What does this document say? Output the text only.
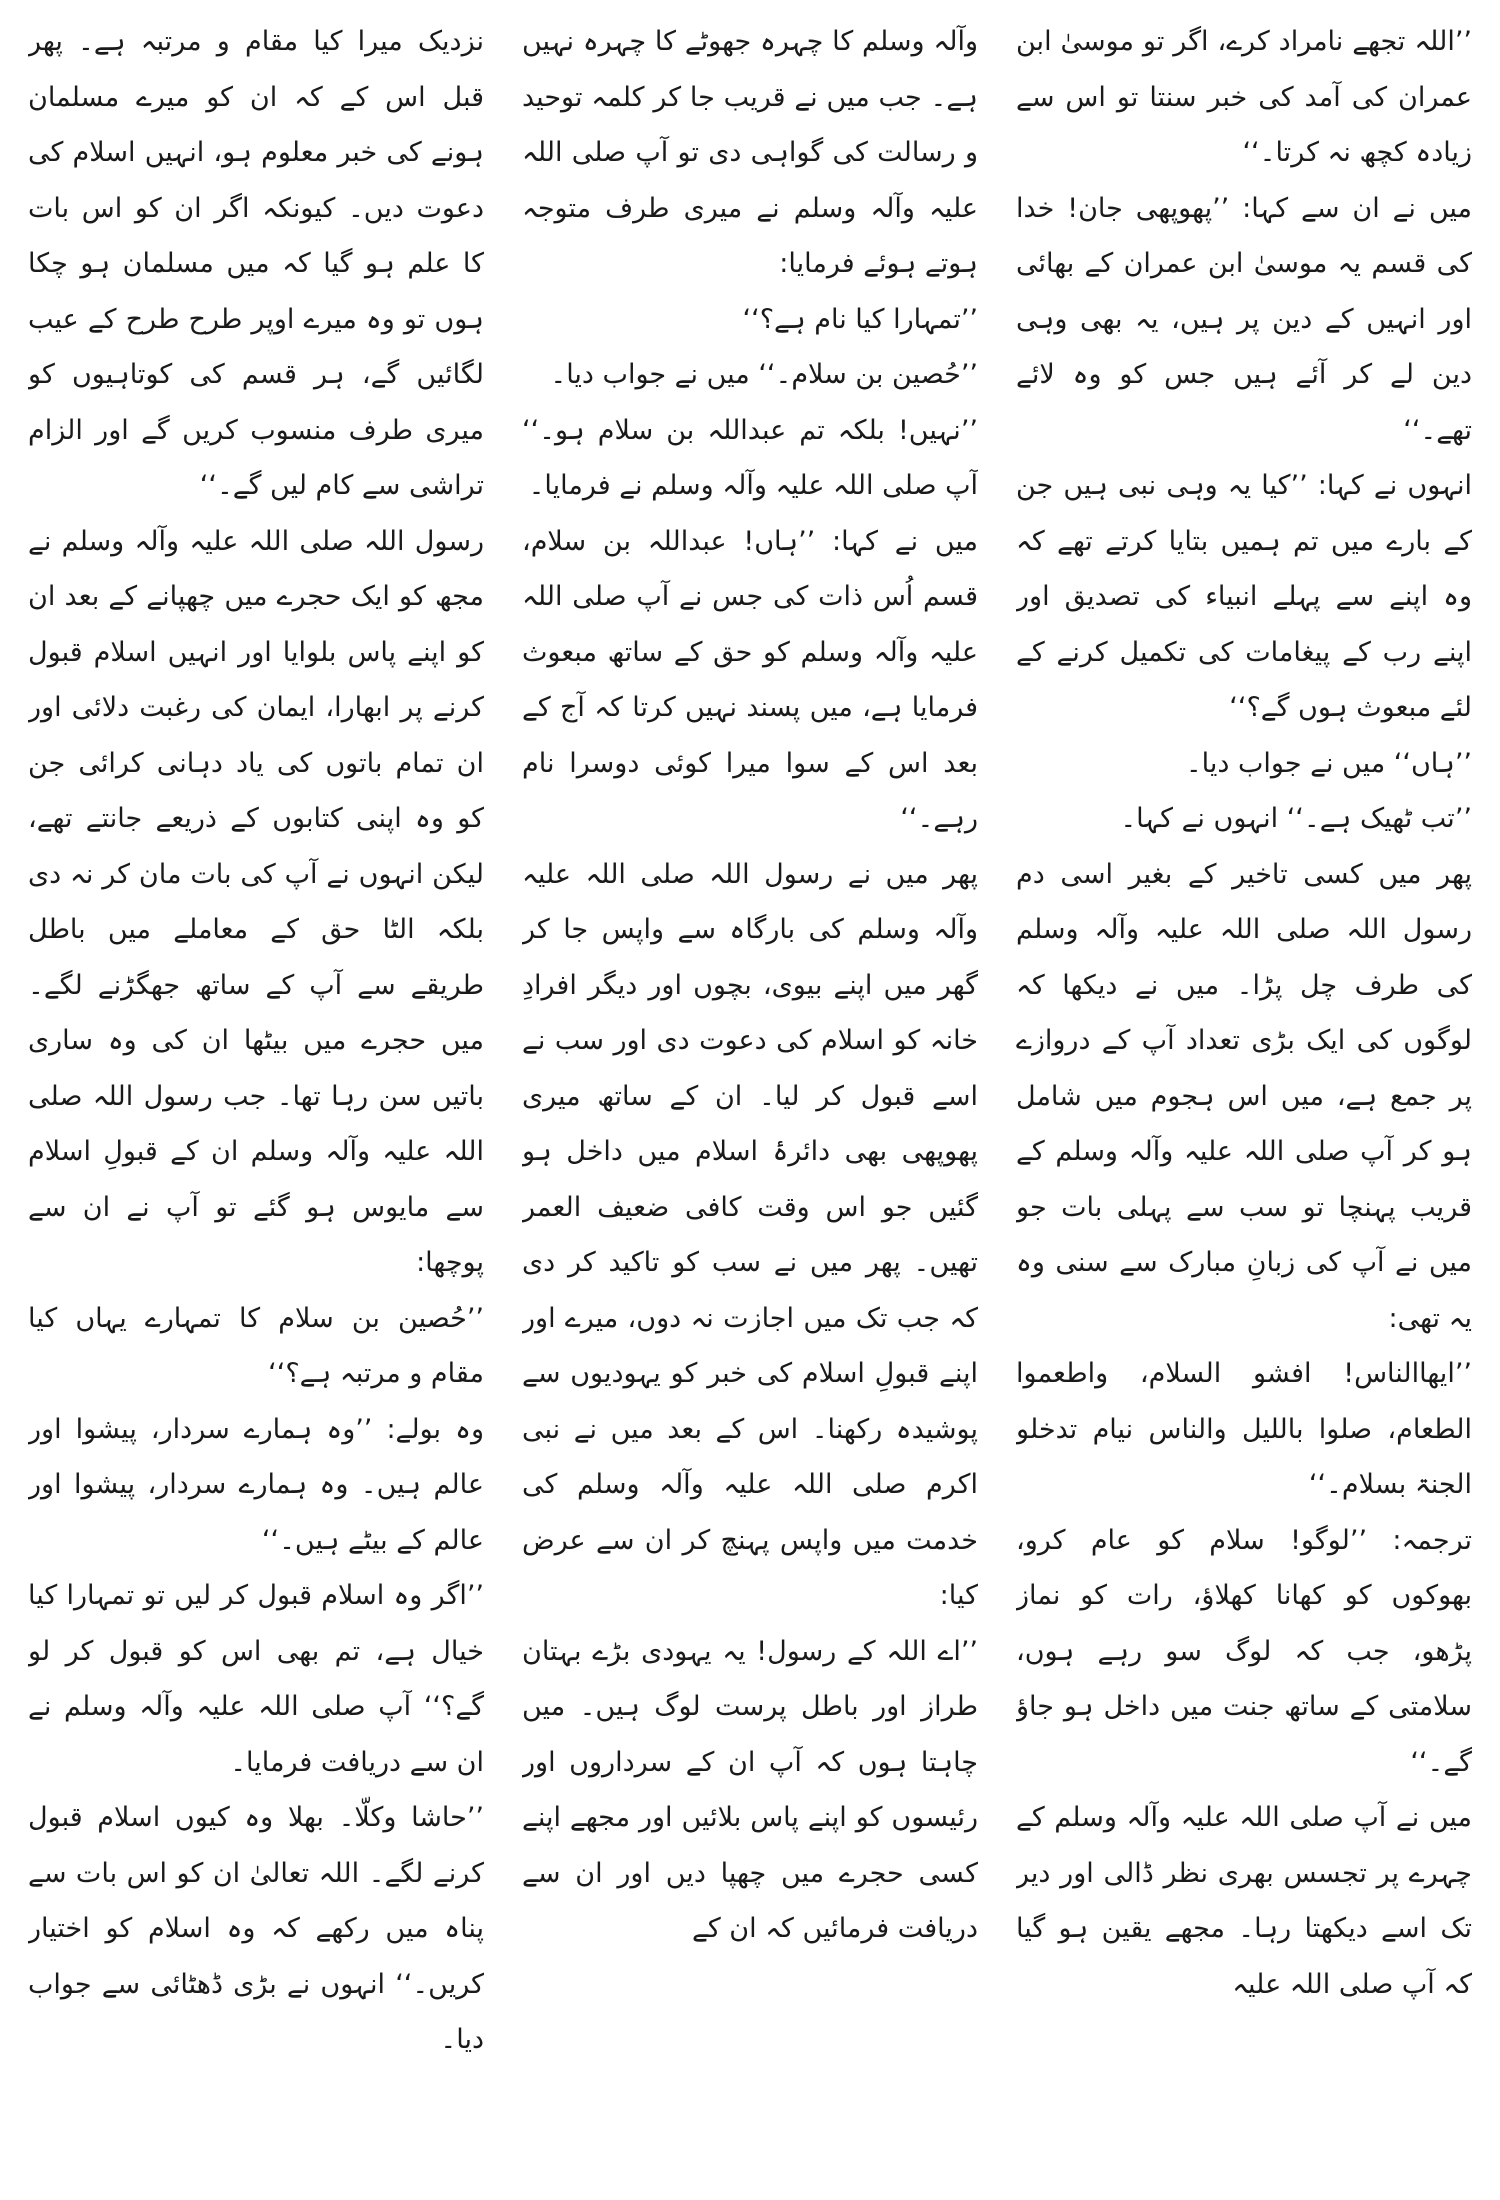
’’اللہ تجھے نامراد کرے، اگر تو موسیٰ ابن عمران کی آمد کی خبر سنتا تو اس سے زیادہ کچھ نہ کرتا۔‘‘

میں نے ان سے کہا: ’’پھوپھی جان! خدا کی قسم یہ موسیٰ ابن عمران کے بھائی اور انہیں کے دین پر ہیں، یہ بھی وہی دین لے کر آئے ہیں جس کو وہ لائے تھے۔‘‘

انہوں نے کہا: ’’کیا یہ وہی نبی ہیں جن کے بارے میں تم ہمیں بتایا کرتے تھے کہ وہ اپنے سے پہلے انبیاء کی تصدیق اور اپنے رب کے پیغامات کی تکمیل کرنے کے لئے مبعوث ہوں گے؟‘‘

’’ہاں‘‘ میں نے جواب دیا۔

’’تب ٹھیک ہے۔‘‘ انہوں نے کہا۔

پھر میں کسی تاخیر کے بغیر اسی دم رسول اللہ صلی اللہ علیہ وآلہ وسلم کی طرف چل پڑا۔ میں نے دیکھا کہ لوگوں کی ایک بڑی تعداد آپ کے دروازے پر جمع ہے، میں اس ہجوم میں شامل ہو کر آپ صلی اللہ علیہ وآلہ وسلم کے قریب پہنچا تو سب سے پہلی بات جو میں نے آپ کی زبانِ مبارک سے سنی وہ یہ تھی:

’’ایھاالناس! افشو السلام، واطعموا الطعام، صلوا باللیل والناس نیام تدخلو الجنۃ بسلام۔‘‘

ترجمہ: ’’لوگو! سلام کو عام کرو، بھوکوں کو کھانا کھلاؤ، رات کو نماز پڑھو، جب کہ لوگ سو رہے ہوں، سلامتی کے ساتھ جنت میں داخل ہو جاؤ گے۔‘‘

میں نے آپ صلی اللہ علیہ وآلہ وسلم کے چہرے پر تجسس بھری نظر ڈالی اور دیر تک اسے دیکھتا رہا۔ مجھے یقین ہو گیا کہ آپ صلی اللہ علیہ

وآلہ وسلم کا چہرہ جھوٹے کا چہرہ نہیں ہے۔ جب میں نے قریب جا کر کلمہ توحید و رسالت کی گواہی دی تو آپ صلی اللہ علیہ وآلہ وسلم نے میری طرف متوجہ ہوتے ہوئے فرمایا:

’’تمہارا کیا نام ہے؟‘‘

’’حُصین بن سلام۔‘‘ میں نے جواب دیا۔

’’نہیں! بلکہ تم عبداللہ بن سلام ہو۔‘‘ آپ صلی اللہ علیہ وآلہ وسلم نے فرمایا۔

میں نے کہا: ’’ہاں! عبداللہ بن سلام، قسم اُس ذات کی جس نے آپ صلی اللہ علیہ وآلہ وسلم کو حق کے ساتھ مبعوث فرمایا ہے، میں پسند نہیں کرتا کہ آج کے بعد اس کے سوا میرا کوئی دوسرا نام رہے۔‘‘

پھر میں نے رسول اللہ صلی اللہ علیہ وآلہ وسلم کی بارگاہ سے واپس جا کر گھر میں اپنے بیوی، بچوں اور دیگر افرادِ خانہ کو اسلام کی دعوت دی اور سب نے اسے قبول کر لیا۔ ان کے ساتھ میری پھوپھی بھی دائرۂ اسلام میں داخل ہو گئیں جو اس وقت کافی ضعیف العمر تھیں۔ پھر میں نے سب کو تاکید کر دی کہ جب تک میں اجازت نہ دوں، میرے اور اپنے قبولِ اسلام کی خبر کو یہودیوں سے پوشیدہ رکھنا۔ اس کے بعد میں نے نبی اکرم صلی اللہ علیہ وآلہ وسلم کی خدمت میں واپس پہنچ کر ان سے عرض کیا:

’’اے اللہ کے رسول! یہ یہودی بڑے بہتان طراز اور باطل پرست لوگ ہیں۔ میں چاہتا ہوں کہ آپ ان کے سرداروں اور رئیسوں کو اپنے پاس بلائیں اور مجھے اپنے کسی حجرے میں چھپا دیں اور ان سے دریافت فرمائیں کہ ان کے

نزدیک میرا کیا مقام و مرتبہ ہے۔ پھر قبل اس کے کہ ان کو میرے مسلمان ہونے کی خبر معلوم ہو، انہیں اسلام کی دعوت دیں۔ کیونکہ اگر ان کو اس بات کا علم ہو گیا کہ میں مسلمان ہو چکا ہوں تو وہ میرے اوپر طرح طرح کے عیب لگائیں گے، ہر قسم کی کوتاہیوں کو میری طرف منسوب کریں گے اور الزام تراشی سے کام لیں گے۔‘‘

رسول اللہ صلی اللہ علیہ وآلہ وسلم نے مجھ کو ایک حجرے میں چھپانے کے بعد ان کو اپنے پاس بلوایا اور انہیں اسلام قبول کرنے پر ابھارا، ایمان کی رغبت دلائی اور ان تمام باتوں کی یاد دہانی کرائی جن کو وہ اپنی کتابوں کے ذریعے جانتے تھے، لیکن انہوں نے آپ کی بات مان کر نہ دی بلکہ الٹا حق کے معاملے میں باطل طریقے سے آپ کے ساتھ جھگڑنے لگے۔ میں حجرے میں بیٹھا ان کی وہ ساری باتیں سن رہا تھا۔ جب رسول اللہ صلی اللہ علیہ وآلہ وسلم ان کے قبولِ اسلام سے مایوس ہو گئے تو آپ نے ان سے پوچھا:

’’حُصین بن سلام کا تمہارے یہاں کیا مقام و مرتبہ ہے؟‘‘

وہ بولے: ’’وہ ہمارے سردار، پیشوا اور عالم ہیں۔ وہ ہمارے سردار، پیشوا اور عالم کے بیٹے ہیں۔‘‘

’’اگر وہ اسلام قبول کر لیں تو تمہارا کیا خیال ہے، تم بھی اس کو قبول کر لو گے؟‘‘ آپ صلی اللہ علیہ وآلہ وسلم نے ان سے دریافت فرمایا۔

’’حاشا وکلّا۔ بھلا وہ کیوں اسلام قبول کرنے لگے۔ اللہ تعالیٰ ان کو اس بات سے پناہ میں رکھے کہ وہ اسلام کو اختیار کریں۔‘‘ انہوں نے بڑی ڈھٹائی سے جواب دیا۔
